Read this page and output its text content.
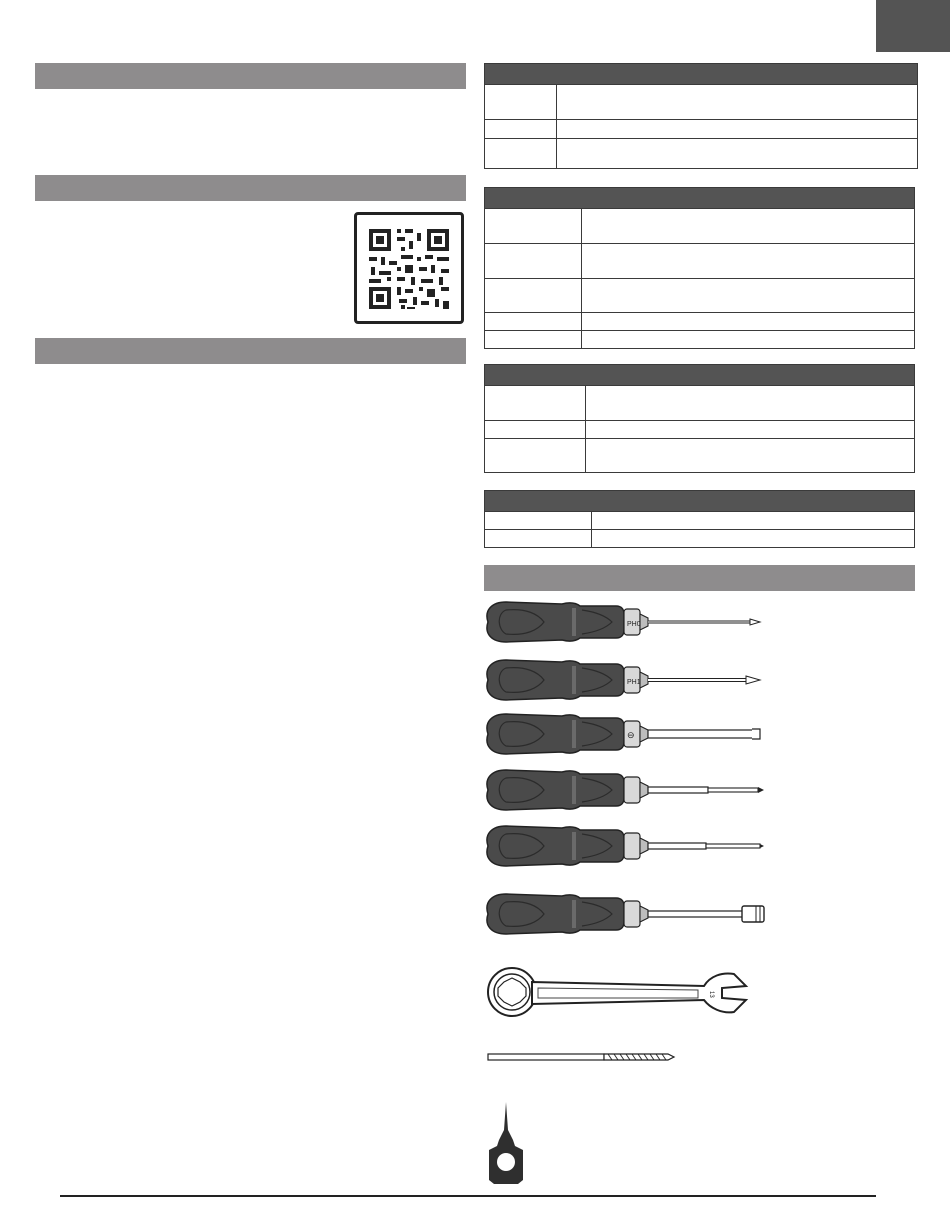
PH0
PH1
⊖
13
